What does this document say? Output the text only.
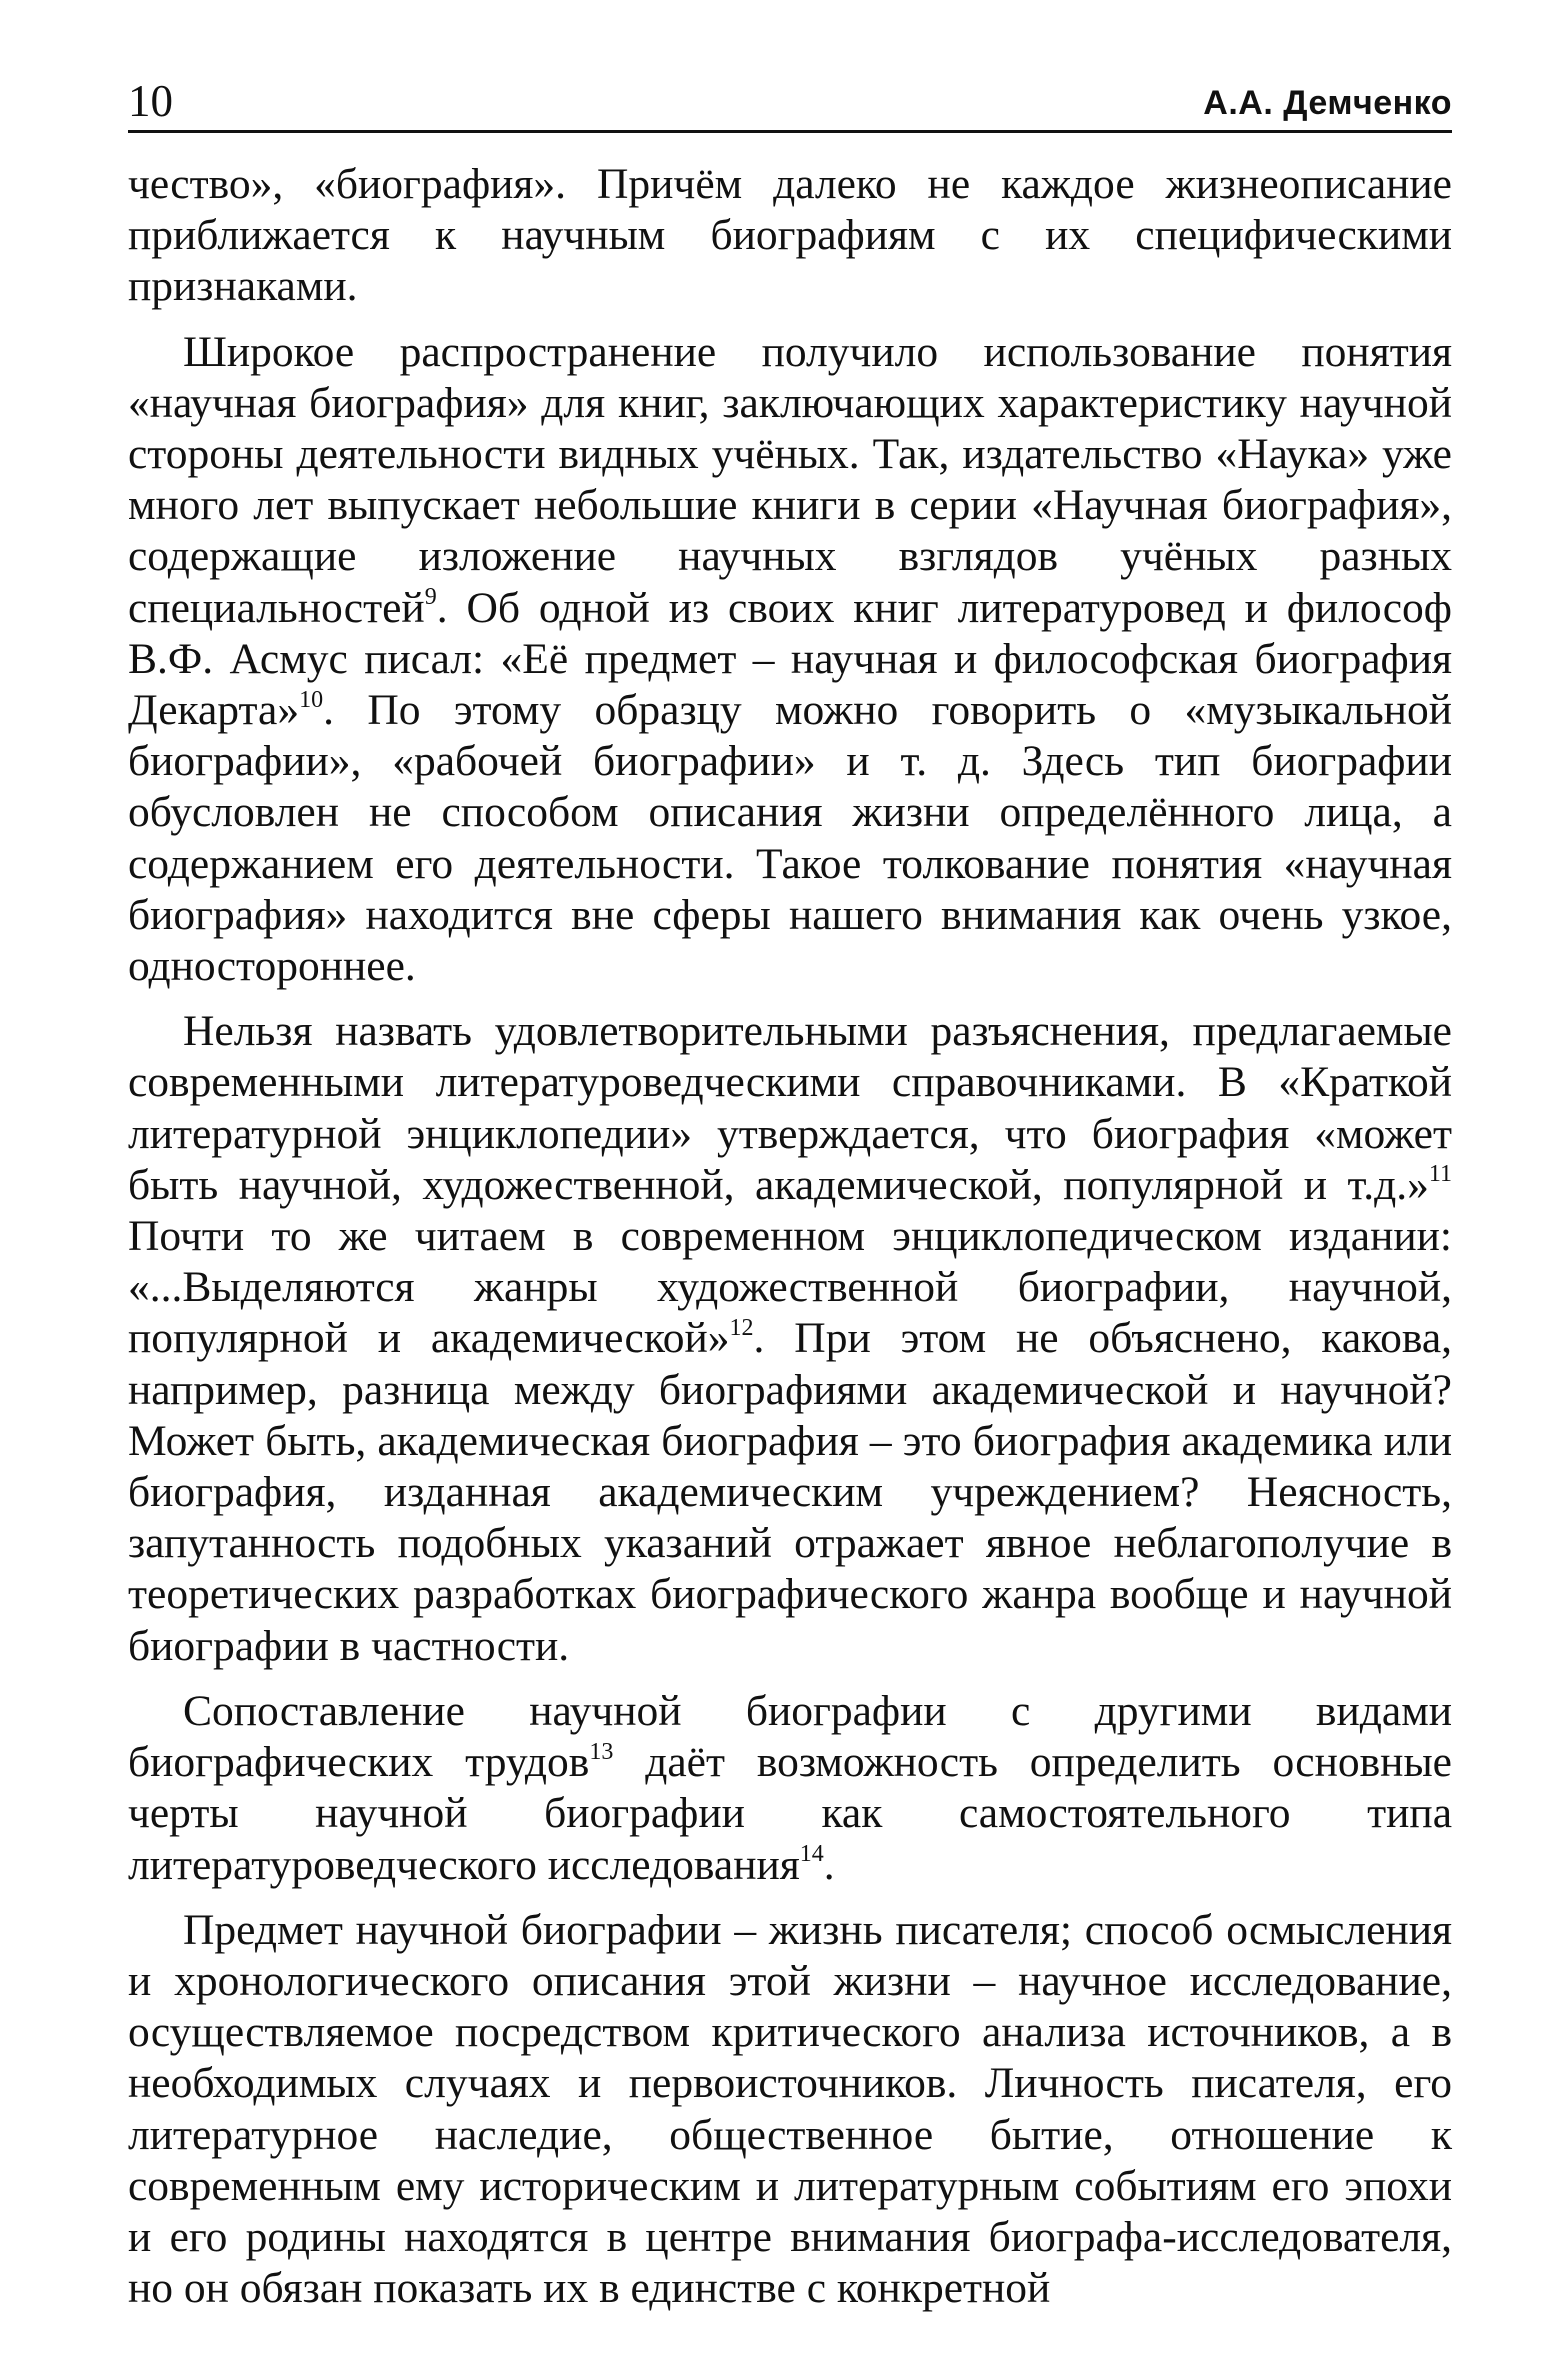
10	А.А. Демченко

чество», «биография». Причём далеко не каждое жизнеописание приближается к научным биографиям с их специфическими признаками.

Широкое распространение получило использование понятия «научная биография» для книг, заключающих характеристику научной стороны деятельности видных учёных. Так, издательство «Наука» уже много лет выпускает небольшие книги в серии «Научная биография», содержащие изложение научных взглядов учёных разных специальностей$^9$. Об одной из своих книг литературовед и философ В.Ф. Асмус писал: «Её предмет – научная и философская биография Декарта»$^{10}$. По этому образцу можно говорить о «музыкальной биографии», «рабочей биографии» и т. д. Здесь тип биографии обусловлен не способом описания жизни определённого лица, а содержанием его деятельности. Такое толкование понятия «научная биография» находится вне сферы нашего внимания как очень узкое, одностороннее.

Нельзя назвать удовлетворительными разъяснения, предлагаемые современными литературоведческими справочниками. В «Краткой литературной энциклопедии» утверждается, что биография «может быть научной, художественной, академической, популярной и т.д.»$^{11}$ Почти то же читаем в современном энциклопедическом издании: «...Выделяются жанры художественной биографии, научной, популярной и академической»$^{12}$. При этом не объяснено, какова, например, разница между биографиями академической и научной? Может быть, академическая биография – это биография академика или биография, изданная академическим учреждением? Неясность, запутанность подобных указаний отражает явное неблагополучие в теоретических разработках биографического жанра вообще и научной биографии в частности.

Сопоставление научной биографии с другими видами биографических трудов$^{13}$ даёт возможность определить основные черты научной биографии как самостоятельного типа литературоведческого исследования$^{14}$.

Предмет научной биографии – жизнь писателя; способ осмысления и хронологического описания этой жизни – научное исследование, осуществляемое посредством критического анализа источников, а в необходимых случаях и первоисточников. Личность писателя, его литературное наследие, общественное бытие, отношение к современным ему историческим и литературным событиям его эпохи и его родины находятся в центре внимания биографа-исследователя, но он обязан показать их в единстве с конкретной
